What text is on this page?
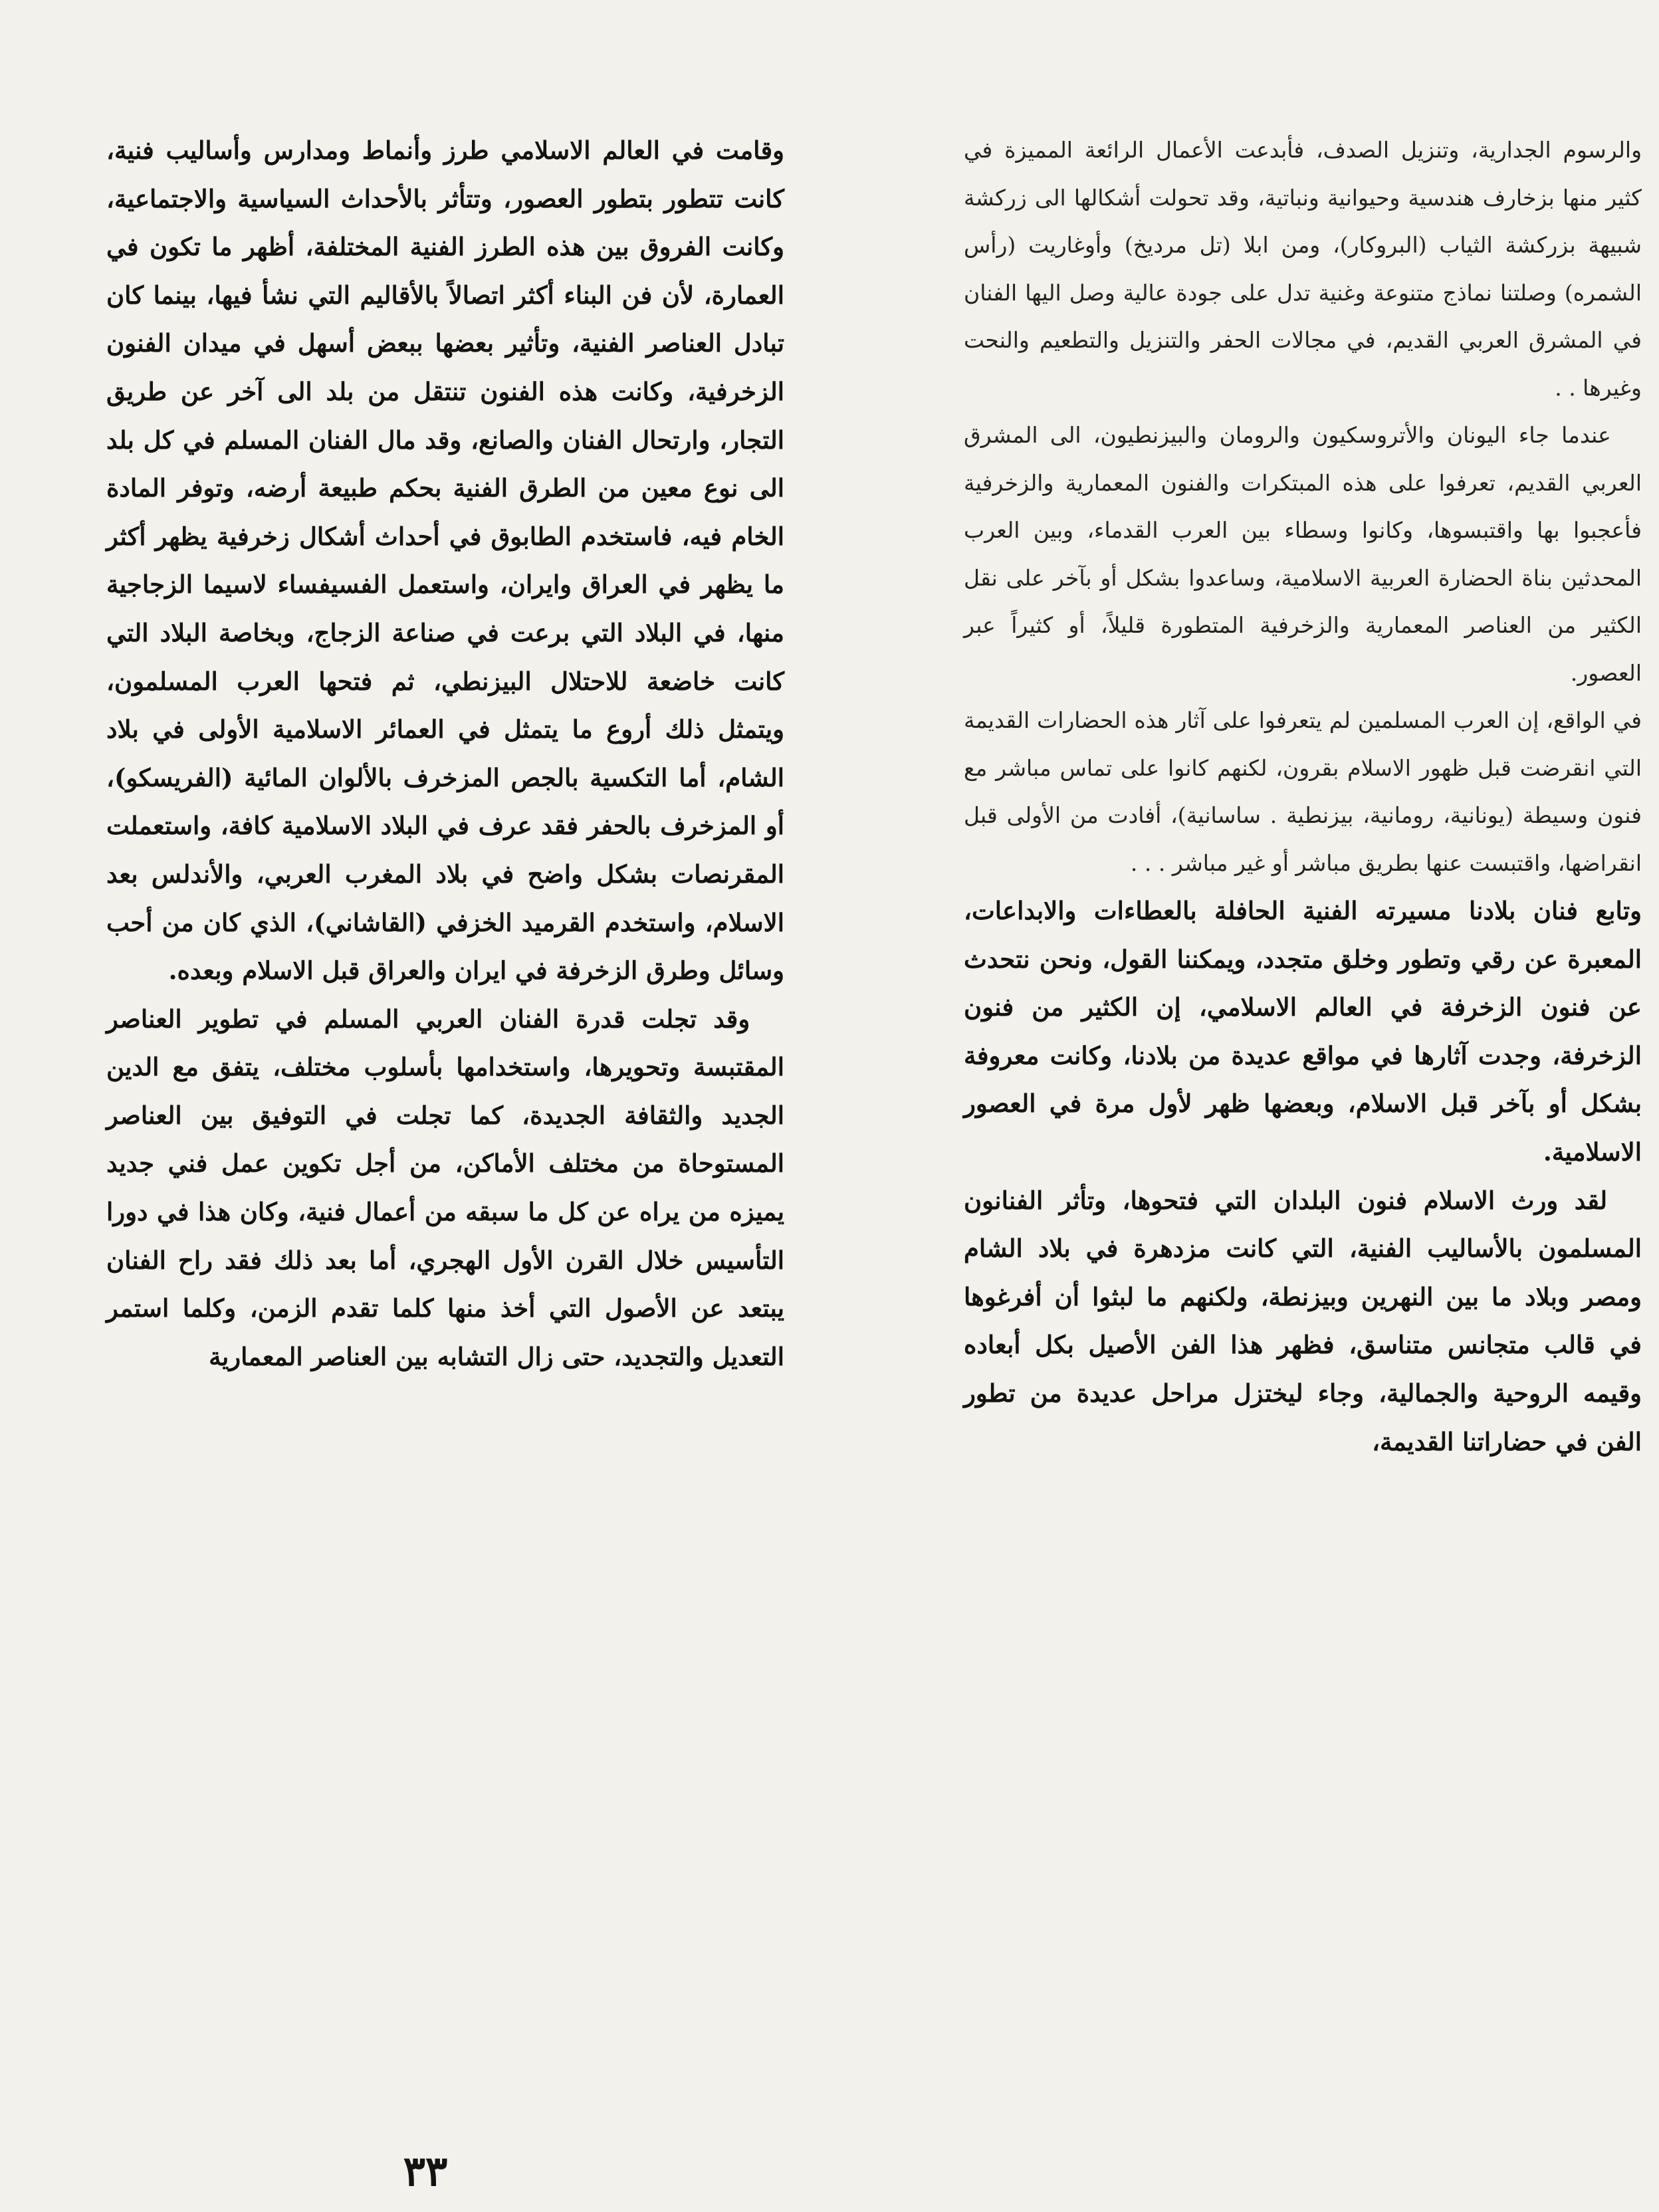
والرسوم الجدارية، وتنزيل الصدف، فأبدعت الأعمال الرائعة المميزة في كثير منها بزخارف هندسية وحيوانية ونباتية، وقد تحولت أشكالها الى زركشة شبيهة بزركشة الثياب (البروكار)، ومن ابلا (تل مرديخ) وأوغاريت (رأس الشمره) وصلتنا نماذج متنوعة وغنية تدل على جودة عالية وصل اليها الفنان في المشرق العربي القديم، في مجالات الحفر والتنزيل والتطعيم والنحت وغيرها . .

عندما جاء اليونان والأتروسكيون والرومان والبيزنطيون، الى المشرق العربي القديم، تعرفوا على هذه المبتكرات والفنون المعمارية والزخرفية فأعجبوا بها واقتبسوها، وكانوا وسطاء بين العرب القدماء، وبين العرب المحدثين بناة الحضارة العربية الاسلامية، وساعدوا بشكل أو بآخر على نقل الكثير من العناصر المعمارية والزخرفية المتطورة قليلاً، أو كثيراً عبر العصور.

في الواقع، إن العرب المسلمين لم يتعرفوا على آثار هذه الحضارات القديمة التي انقرضت قبل ظهور الاسلام بقرون، لكنهم كانوا على تماس مباشر مع فنون وسيطة (يونانية، رومانية، بيزنطية . ساسانية)، أفادت من الأولى قبل انقراضها، واقتبست عنها بطريق مباشر أو غير مباشر . . .

وتابع فنان بلادنا مسيرته الفنية الحافلة بالعطاءات والابداعات، المعبرة عن رقي وتطور وخلق متجدد، ويمكننا القول، ونحن نتحدث عن فنون الزخرفة في العالم الاسلامي، إن الكثير من فنون الزخرفة، وجدت آثارها في مواقع عديدة من بلادنا، وكانت معروفة بشكل أو بآخر قبل الاسلام، وبعضها ظهر لأول مرة في العصور الاسلامية.

لقد ورث الاسلام فنون البلدان التي فتحوها، وتأثر الفنانون المسلمون بالأساليب الفنية، التي كانت مزدهرة في بلاد الشام ومصر وبلاد ما بين النهرين وبيزنطة، ولكنهم ما لبثوا أن أفرغوها في قالب متجانس متناسق، فظهر هذا الفن الأصيل بكل أبعاده وقيمه الروحية والجمالية، وجاء ليختزل مراحل عديدة من تطور الفن في حضاراتنا القديمة،

وقامت في العالم الاسلامي طرز وأنماط ومدارس وأساليب فنية، كانت تتطور بتطور العصور، وتتأثر بالأحداث السياسية والاجتماعية، وكانت الفروق بين هذه الطرز الفنية المختلفة، أظهر ما تكون في العمارة، لأن فن البناء أكثر اتصالاً بالأقاليم التي نشأ فيها، بينما كان تبادل العناصر الفنية، وتأثير بعضها ببعض أسهل في ميدان الفنون الزخرفية، وكانت هذه الفنون تنتقل من بلد الى آخر عن طريق التجار، وارتحال الفنان والصانع، وقد مال الفنان المسلم في كل بلد الى نوع معين من الطرق الفنية بحكم طبيعة أرضه، وتوفر المادة الخام فيه، فاستخدم الطابوق في أحداث أشكال زخرفية يظهر أكثر ما يظهر في العراق وايران، واستعمل الفسيفساء لاسيما الزجاجية منها، في البلاد التي برعت في صناعة الزجاج، وبخاصة البلاد التي كانت خاضعة للاحتلال البيزنطي، ثم فتحها العرب المسلمون، ويتمثل ذلك أروع ما يتمثل في العمائر الاسلامية الأولى في بلاد الشام، أما التكسية بالجص المزخرف بالألوان المائية (الفريسكو)، أو المزخرف بالحفر فقد عرف في البلاد الاسلامية كافة، واستعملت المقرنصات بشكل واضح في بلاد المغرب العربي، والأندلس بعد الاسلام، واستخدم القرميد الخزفي (القاشاني)، الذي كان من أحب وسائل وطرق الزخرفة في ايران والعراق قبل الاسلام وبعده.

وقد تجلت قدرة الفنان العربي المسلم في تطوير العناصر المقتبسة وتحويرها، واستخدامها بأسلوب مختلف، يتفق مع الدين الجديد والثقافة الجديدة، كما تجلت في التوفيق بين العناصر المستوحاة من مختلف الأماكن، من أجل تكوين عمل فني جديد يميزه من يراه عن كل ما سبقه من أعمال فنية، وكان هذا في دورا التأسيس خلال القرن الأول الهجري، أما بعد ذلك فقد راح الفنان يبتعد عن الأصول التي أخذ منها كلما تقدم الزمن، وكلما استمر التعديل والتجديد، حتى زال التشابه بين العناصر المعمارية

٣٣
